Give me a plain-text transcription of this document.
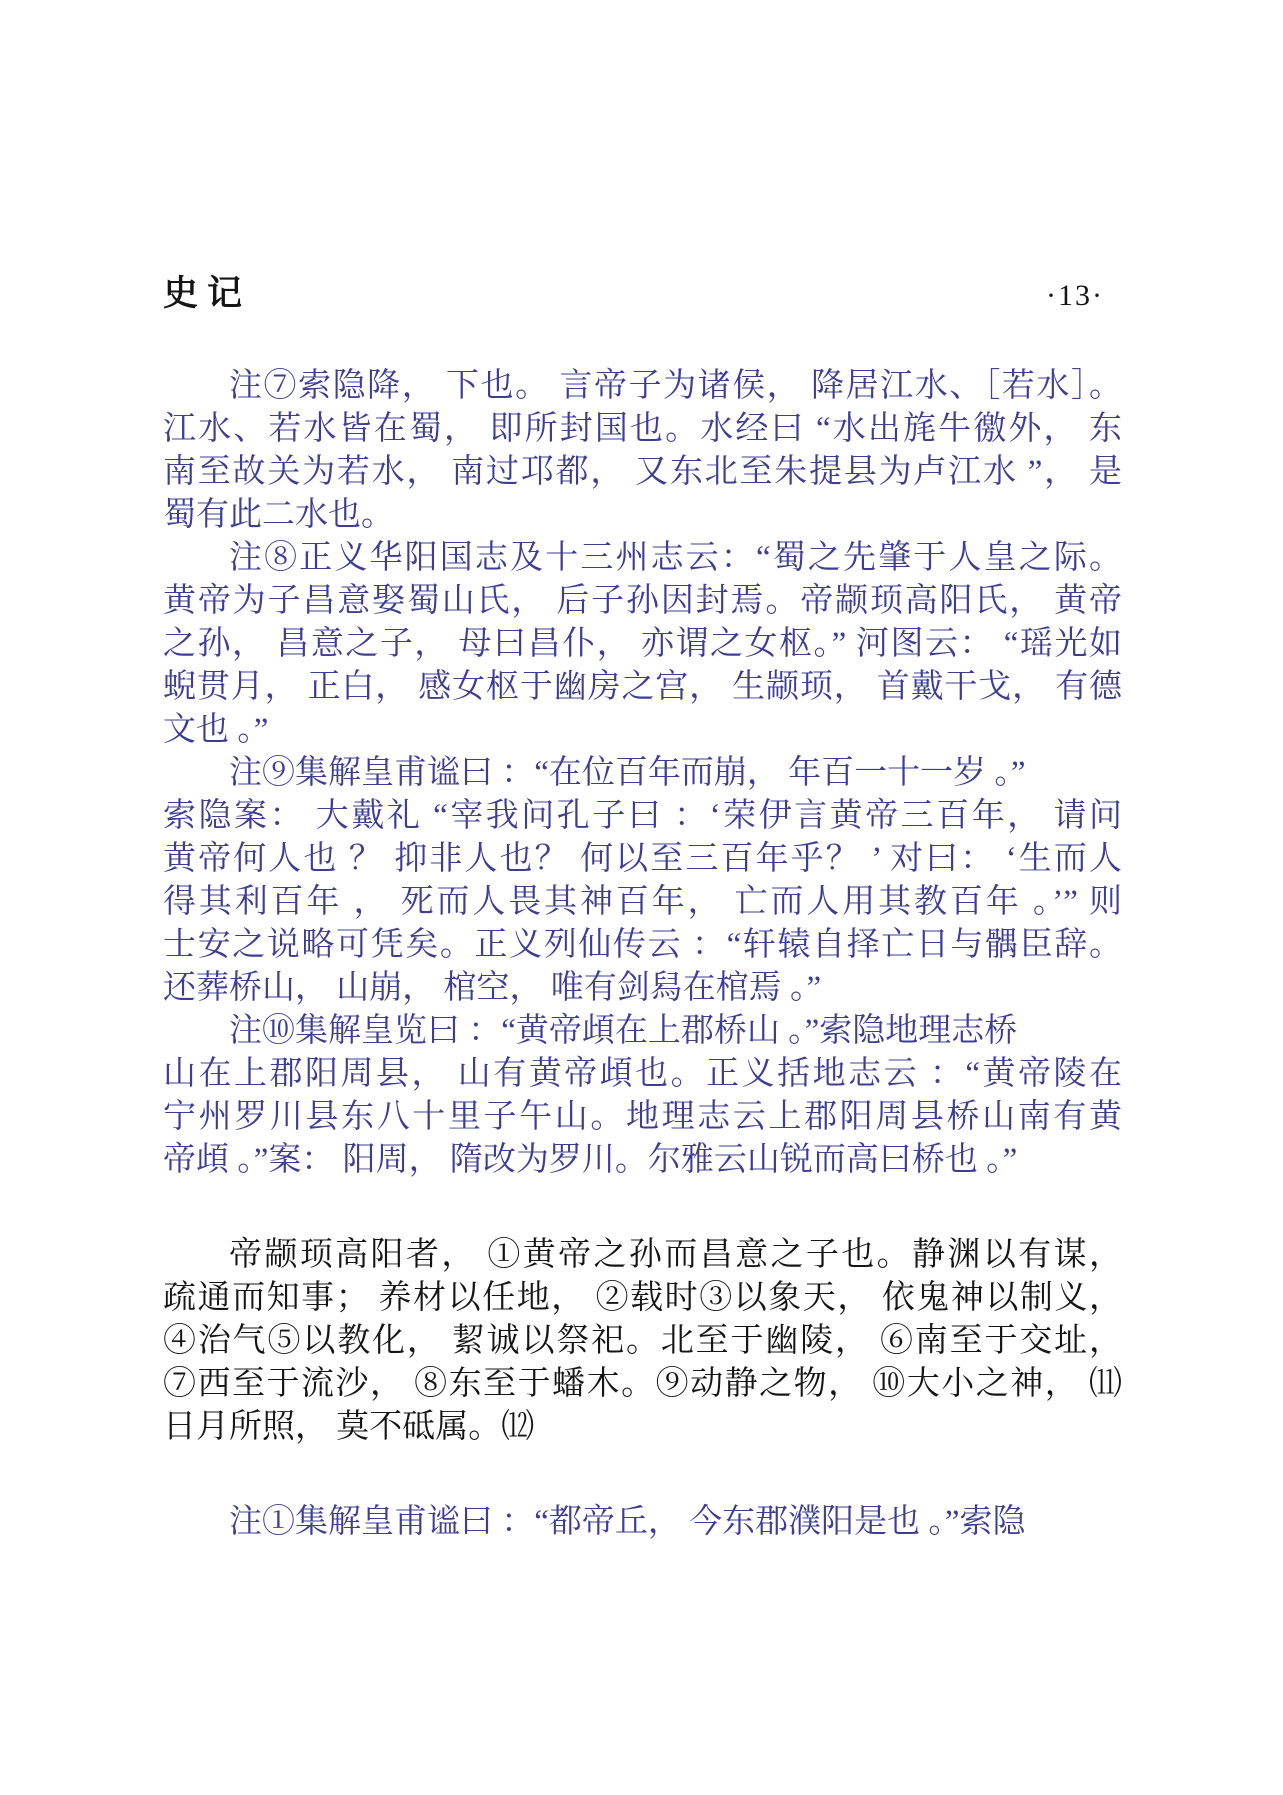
史记	·13·
注⑦索隐降， 下也。 言帝子为诸侯， 降居江水、［若水］。
江水、若水皆在蜀， 即所封国也。水经曰 “水出旄牛徼外， 东
南至故关为若水， 南过邛都， 又东北至朱提县为卢江水 ”， 是
蜀有此二水也。
注⑧正义华阳国志及十三州志云：“蜀之先肇于人皇之际。
黄帝为子昌意娶蜀山氏， 后子孙因封焉。帝颛顼高阳氏， 黄帝
之孙， 昌意之子， 母曰昌仆， 亦谓之女枢。” 河图云： “瑶光如
蜺贯月， 正白， 感女枢于幽房之宫， 生颛顼， 首戴干戈， 有德
文也 。”
注⑨集解皇甫谧曰 ：“在位百年而崩， 年百一十一岁 。”
索隐案： 大戴礼 “宰我问孔子曰 ：‘荣伊言黄帝三百年， 请问
黄帝何人也 ？ 抑非人也？ 何以至三百年乎？ ’ 对曰： ‘生而人
得其利百年 ， 死而人畏其神百年， 亡而人用其教百年 。’” 则
士安之说略可凭矣。正义列仙传云 ：“轩辕自择亡日与髃臣辞。
还葬桥山， 山崩， 棺空， 唯有剑舄在棺焉 。”
注⑩集解皇览曰 ：“黄帝頉在上郡桥山 。”索隐地理志桥
山在上郡阳周县， 山有黄帝頉也。正义括地志云 ：“黄帝陵在
宁州罗川县东八十里子午山。地理志云上郡阳周县桥山南有黄
帝頉 。”案： 阳周， 隋改为罗川。尔雅云山锐而高曰桥也 。”
帝颛顼高阳者， ①黄帝之孙而昌意之子也。静渊以有谋，
疏通而知事； 养材以任地， ②载时③以象天， 依鬼神以制义，
④治气⑤以教化， 絜诚以祭祀。北至于幽陵， ⑥南至于交址，
⑦西至于流沙， ⑧东至于蟠木。⑨动静之物， ⑩大小之神， ⑾
日月所照， 莫不砥属。⑿
注①集解皇甫谧曰 ：“都帝丘， 今东郡濮阳是也 。”索隐
